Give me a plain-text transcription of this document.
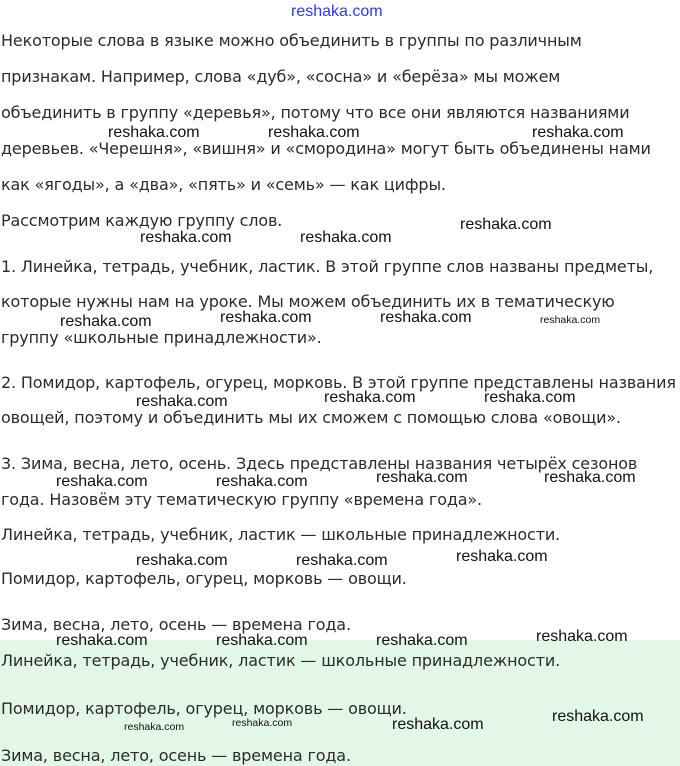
Некоторые слова в языке можно объединить в группы по различным
признакам. Например, слова «дуб», «сосна» и «берёза» мы можем
объединить в группу «деревья», потому что все они являются названиями
деревьев. «Черешня», «вишня» и «смородина» могут быть объединены нами
как «ягоды», а «два», «пять» и «семь» — как цифры.
Рассмотрим каждую группу слов.
1. Линейка, тетрадь, учебник, ластик. В этой группе слов названы предметы,
которые нужны нам на уроке. Мы можем объединить их в тематическую
группу «школьные принадлежности».
2. Помидор, картофель, огурец, морковь. В этой группе представлены названия
овощей, поэтому и объединить мы их сможем с помощью слова «овощи».
3. Зима, весна, лето, осень. Здесь представлены названия четырёх сезонов
года. Назовём эту тематическую группу «времена года».
Линейка, тетрадь, учебник, ластик — школьные принадлежности.
Помидор, картофель, огурец, морковь — овощи.
Зима, весна, лето, осень — времена года.
Линейка, тетрадь, учебник, ластик — школьные принадлежности.
Помидор, картофель, огурец, морковь — овощи.
Зима, весна, лето, осень — времена года.
reshaka.com
reshaka.com	reshaka.com	reshaka.com
reshaka.com	reshaka.com
reshaka.com
reshaka.com	reshaka.com	reshaka.com	reshaka.com
reshaka.com	reshaka.com	reshaka.com
reshaka.com	reshaka.com	reshaka.com	reshaka.com
reshaka.com	reshaka.com	reshaka.com
reshaka.com	reshaka.com	reshaka.com	reshaka.com
reshaka.com	reshaka.com	reshaka.com	reshaka.com
